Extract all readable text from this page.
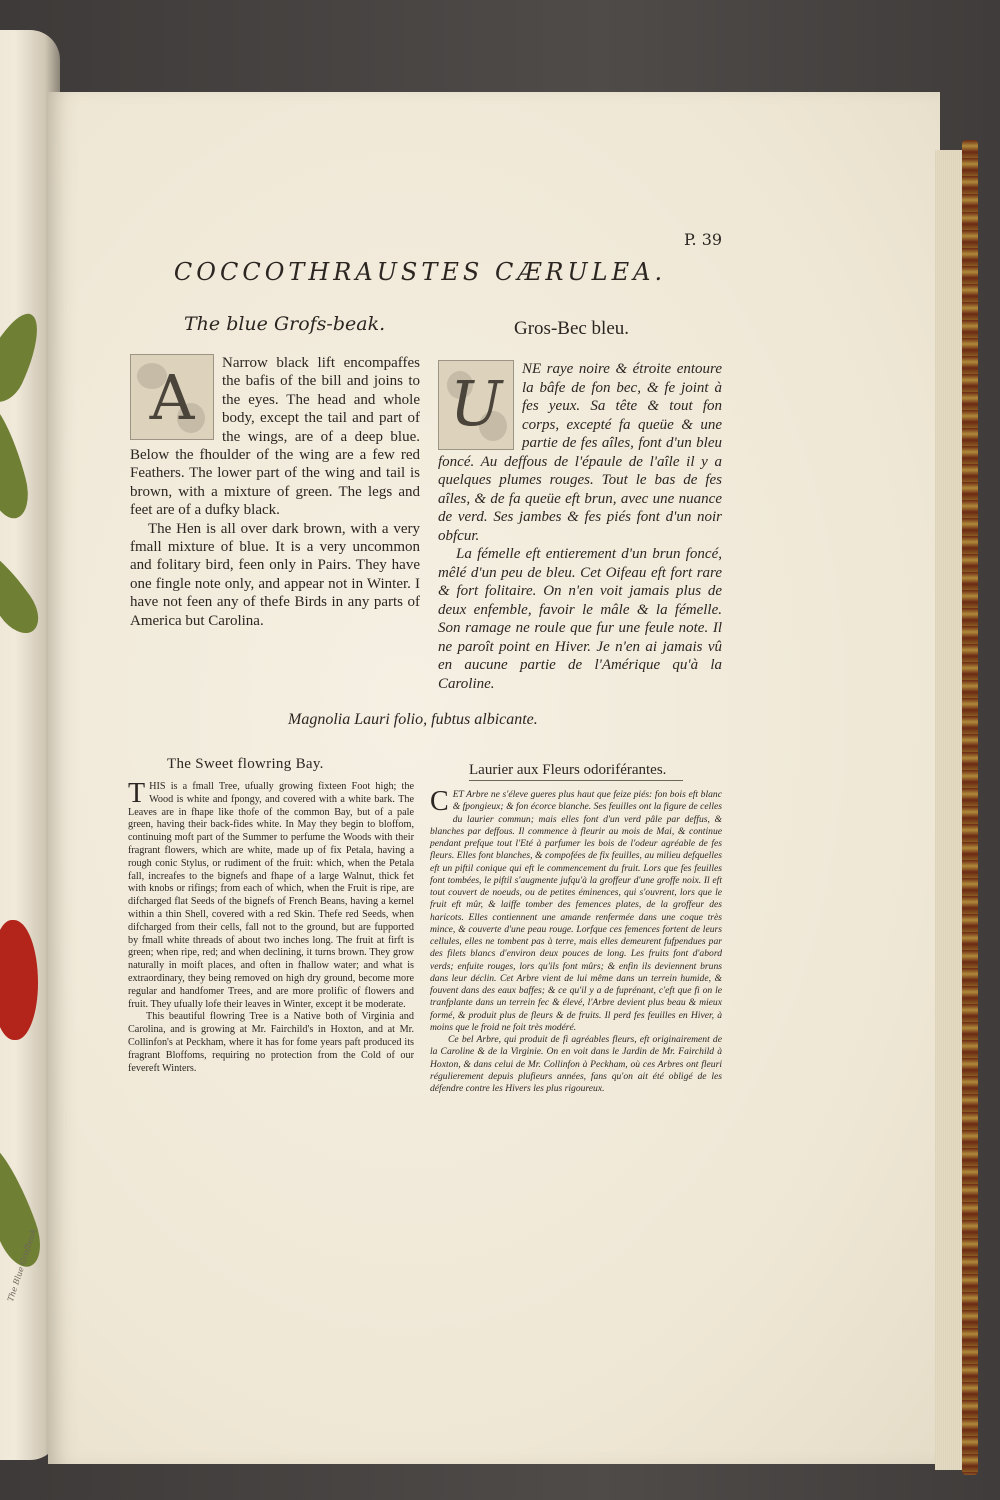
The Blue Grofbeak
P. 39
COCCOTHRAUSTES CÆRULEA.
The blue Grofs-beak.	Gros-Bec bleu.
A	Narrow black lift encompaffes the bafis of the bill and joins to the eyes. The head and whole body, except the tail and part of the wings, are of a deep blue. Below the fhoulder of the wing are a few red Feathers. The lower part of the wing and tail is brown, with a mixture of green. The legs and feet are of a dufky black.

The Hen is all over dark brown, with a very fmall mixture of blue. It is a very uncommon and folitary bird, feen only in Pairs. They have one fingle note only, and appear not in Winter. I have not feen any of thefe Birds in any parts of America but Carolina.

U	NE raye noire & étroite entoure la bâfe de fon bec, & fe joint à fes yeux. Sa tête & tout fon corps, excepté fa queüe & une partie de fes aîles, font d'un bleu foncé. Au deffous de l'épaule de l'aîle il y a quelques plumes rouges. Tout le bas de fes aîles, & de fa queüe eft brun, avec une nuance de verd. Ses jambes & fes piés font d'un noir obfcur.

La fémelle eft entierement d'un brun foncé, mêlé d'un peu de bleu. Cet Oifeau eft fort rare & fort folitaire. On n'en voit jamais plus de deux enfemble, favoir le mâle & la fémelle. Son ramage ne roule que fur une feule note. Il ne paroît point en Hiver. Je n'en ai jamais vû en aucune partie de l'Amérique qu'à la Caroline.

Magnolia Lauri folio, fubtus albicante.
The Sweet flowring Bay.	Laurier aux Fleurs odoriférantes.
T HIS is a fmall Tree, ufually growing fixteen Foot high; the Wood is white and fpongy, and covered with a white bark. The Leaves are in fhape like thofe of the common Bay, but of a pale green, having their back-fides white. In May they begin to bloffom, continuing moft part of the Summer to perfume the Woods with their fragrant flowers, which are white, made up of fix Petala, having a rough conic Stylus, or rudiment of the fruit: which, when the Petala fall, increafes to the bignefs and fhape of a large Walnut, thick fet with knobs or rifings; from each of which, when the Fruit is ripe, are difcharged flat Seeds of the bignefs of French Beans, having a kernel within a thin Shell, covered with a red Skin. Thefe red Seeds, when difcharged from their cells, fall not to the ground, but are fupported by fmall white threads of about two inches long. The fruit at firft is green; when ripe, red; and when declining, it turns brown. They grow naturally in moift places, and often in fhallow water; and what is extraordinary, they being removed on high dry ground, become more regular and handfomer Trees, and are more prolific of flowers and fruit. They ufually lofe their leaves in Winter, except it be moderate.

This beautiful flowring Tree is a Native both of Virginia and Carolina, and is growing at Mr. Fairchild's in Hoxton, and at Mr. Collinfon's at Peckham, where it has for fome years paft produced its fragrant Bloffoms, requiring no protection from the Cold of our fevereft Winters.

C ET Arbre ne s'éleve gueres plus haut que feize piés: fon bois eft blanc & fpongieux; & fon écorce blanche. Ses feuilles ont la figure de celles du laurier commun; mais elles font d'un verd pâle par deffus, & blanches par deffous. Il commence à fleurir au mois de Mai, & continue pendant prefque tout l'Eté à parfumer les bois de l'odeur agréable de fes fleurs. Elles font blanches, & compofées de fix feuilles, au milieu defquelles eft un piftil conique qui eft le commencement du fruit. Lors que fes feuilles font tombées, le piftil s'augmente jufqu'à la groffeur d'une groffe noix. Il eft tout couvert de noeuds, ou de petites éminences, qui s'ouvrent, lors que le fruit eft mûr, & laiffe tomber des femences plates, de la groffeur des haricots. Elles contiennent une amande renfermée dans une coque très mince, & couverte d'une peau rouge. Lorfque ces femences fortent de leurs cellules, elles ne tombent pas à terre, mais elles demeurent fufpendues par des filets blancs d'environ deux pouces de long. Les fruits font d'abord verds; enfuite rouges, lors qu'ils font mûrs; & enfin ils deviennent bruns dans leur déclin. Cet Arbre vient de lui même dans un terrein humide, & fouvent dans des eaux baffes; & ce qu'il y a de fuprénant, c'eft que fi on le tranfplante dans un terrein fec & élevé, l'Arbre devient plus beau & mieux formé, & produit plus de fleurs & de fruits. Il perd fes feuilles en Hiver, à moins que le froid ne foit très modéré.

Ce bel Arbre, qui produit de fi agréables fleurs, eft originairement de la Caroline & de la Virginie. On en voit dans le Jardin de Mr. Fairchild à Hoxton, & dans celui de Mr. Collinfon à Peckham, où ces Arbres ont fleuri régulierement depuis plufieurs années, fans qu'on ait été obligé de les défendre contre les Hivers les plus rigoureux.
